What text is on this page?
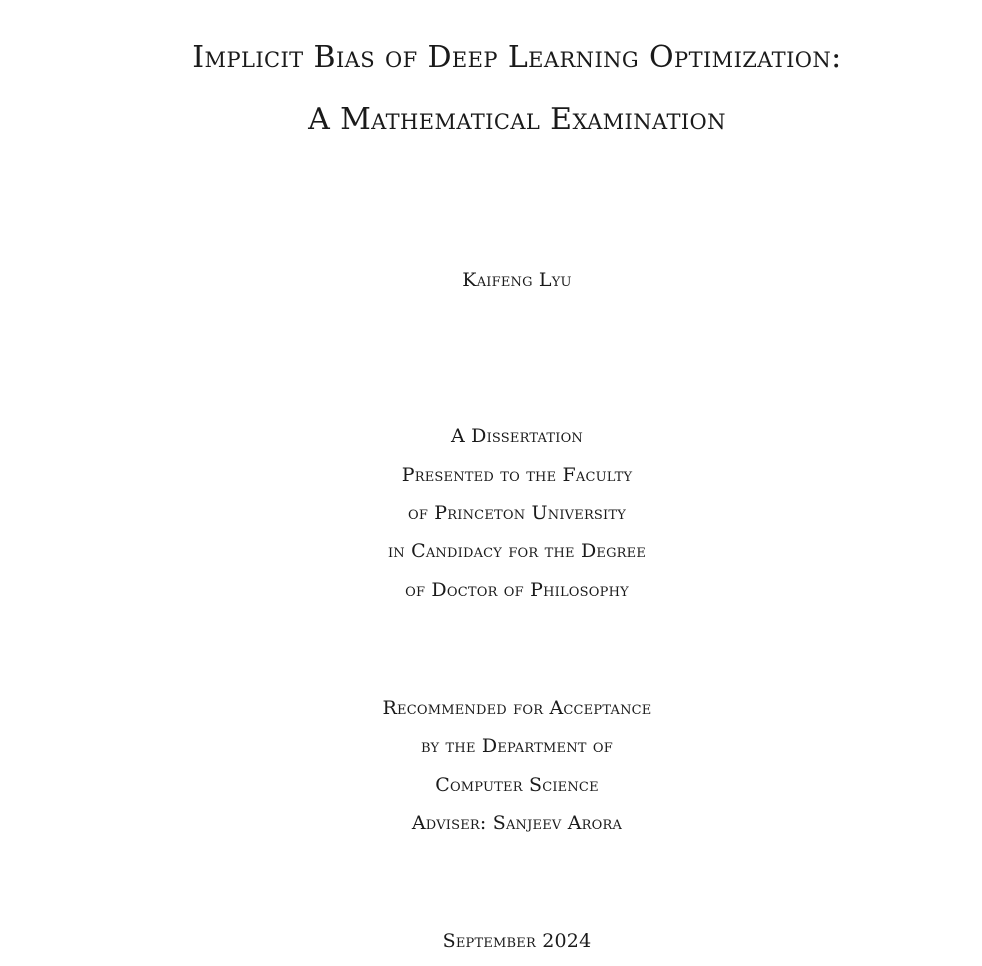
Implicit Bias of Deep Learning Optimization:
A Mathematical Examination
Kaifeng Lyu
A Dissertation
Presented to the Faculty
of Princeton University
in Candidacy for the Degree
of Doctor of Philosophy
Recommended for Acceptance
by the Department of
Computer Science
Adviser: Sanjeev Arora
September 2024
